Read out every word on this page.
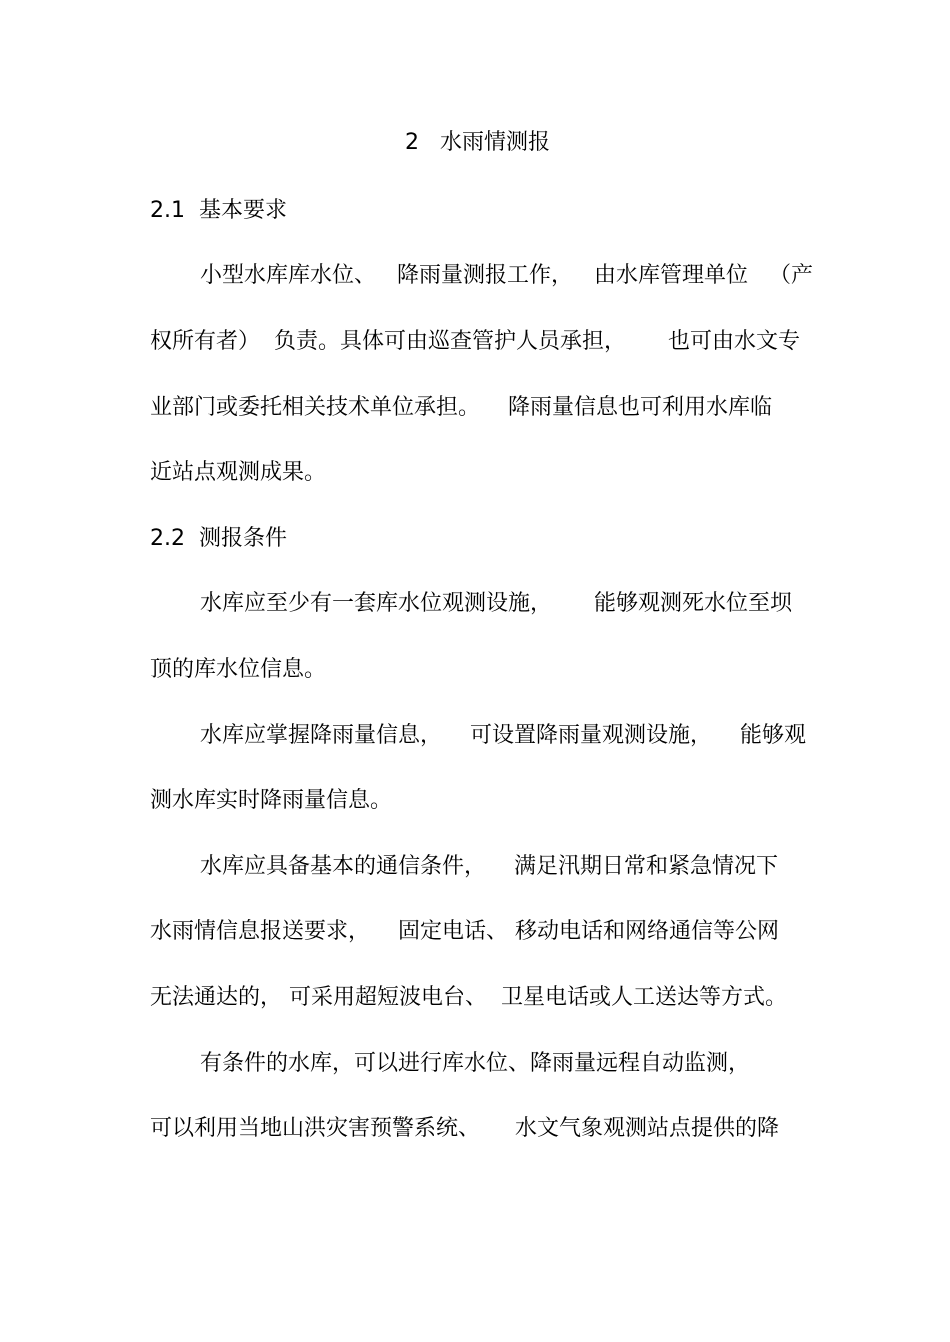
2   水雨情测报
2.1  基本要求
小型水库库水位、   降雨量测报工作，   由水库管理单位   （产
权所有者）  负责。具体可由巡查管护人员承担，      也可由水文专
业部门或委托相关技术单位承担。    降雨量信息也可利用水库临
近站点观测成果。
2.2  测报条件
水库应至少有一套库水位观测设施，      能够观测死水位至坝
顶的库水位信息。
水库应掌握降雨量信息，    可设置降雨量观测设施，    能够观
测水库实时降雨量信息。
水库应具备基本的通信条件，    满足汛期日常和紧急情况下
水雨情信息报送要求，    固定电话、 移动电话和网络通信等公网
无法通达的， 可采用超短波电台、  卫星电话或人工送达等方式。
有条件的水库，可以进行库水位、降雨量远程自动监测，
可以利用当地山洪灾害预警系统、     水文气象观测站点提供的降
